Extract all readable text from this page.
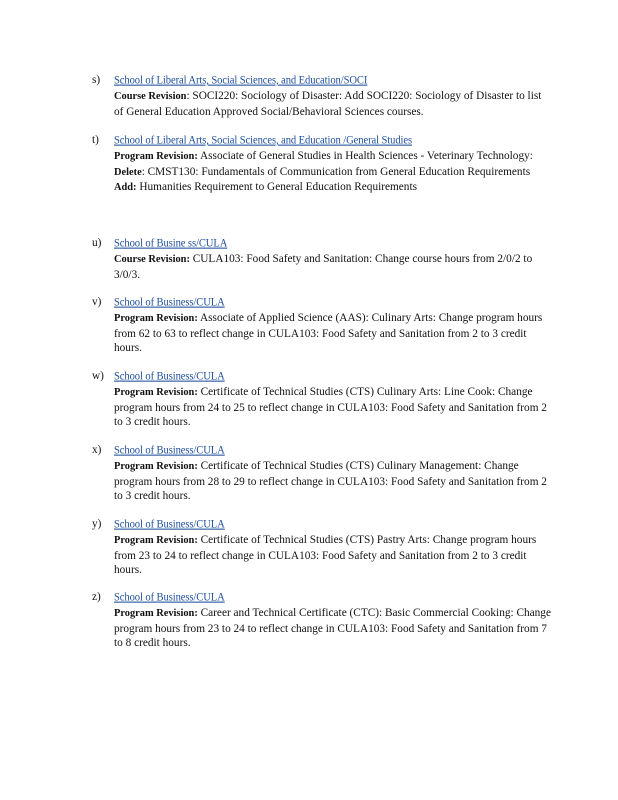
s)	School of Liberal Arts, Social Sciences, and Education/SOCI
Course Revision: SOCI220: Sociology of Disaster: Add SOCI220: Sociology of Disaster to list of General Education Approved Social/Behavioral Sciences courses.
t)	School of Liberal Arts, Social Sciences, and Education /General Studies
Program Revision: Associate of General Studies in Health Sciences - Veterinary Technology:
Delete: CMST130: Fundamentals of Communication from General Education Requirements
Add: Humanities Requirement to General Education Requirements
u)	School of Busine ss/CULA
Course Revision: CULA103: Food Safety and Sanitation: Change course hours from 2/0/2 to 3/0/3.
v)	School of Business/CULA
Program Revision: Associate of Applied Science (AAS): Culinary Arts: Change program hours from 62 to 63 to reflect change in CULA103: Food Safety and Sanitation from 2 to 3 credit hours.
w) School of Business/CULA
Program Revision: Certificate of Technical Studies (CTS) Culinary Arts: Line Cook: Change program hours from 24 to 25 to reflect change in CULA103: Food Safety and Sanitation from 2 to 3 credit hours.
x)	School of Business/CULA
Program Revision: Certificate of Technical Studies (CTS) Culinary Management: Change program hours from 28 to 29 to reflect change in CULA103: Food Safety and Sanitation from 2 to 3 credit hours.
y)	School of Business/CULA
Program Revision: Certificate of Technical Studies (CTS) Pastry Arts: Change program hours from 23 to 24 to reflect change in CULA103: Food Safety and Sanitation from 2 to 3 credit hours.
z)	School of Business/CULA
Program Revision: Career and Technical Certificate (CTC): Basic Commercial Cooking: Change program hours from 23 to 24 to reflect change in CULA103: Food Safety and Sanitation from 7 to 8 credit hours.
